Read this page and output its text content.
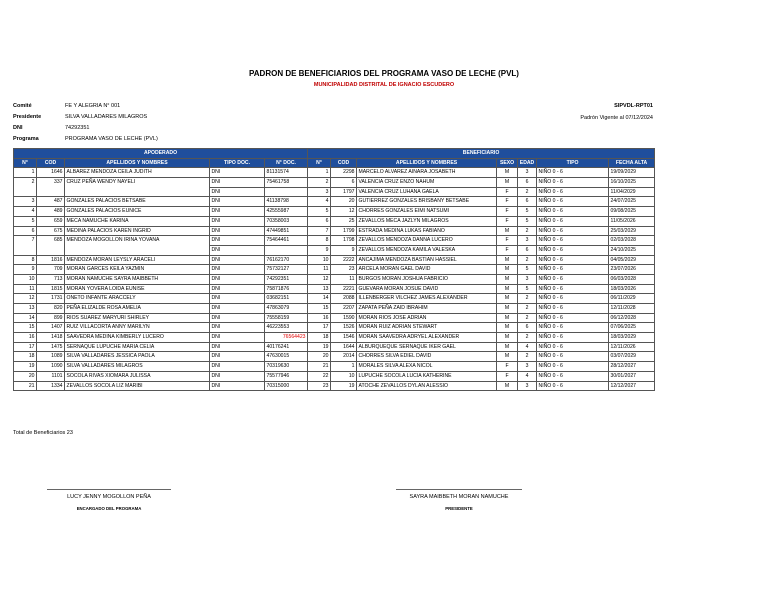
PADRON DE BENEFICIARIOS DEL PROGRAMA VASO DE LECHE (PVL)
MUNICIPALIDAD DISTRITAL DE IGNACIO ESCUDERO
Comité	FE Y ALEGRIA N° 001
Presidente	SILVA VALLADARES MILAGROS
DNI	74292351
Programa	PROGRAMA VASO DE LECHE (PVL)
SIPVDL-RPT01
Padrón Vigente al 07/12/2024
APODERADO					BENEFICIARIO						
N°	COD	APELLIDOS Y NOMBRES	TIPO DOC.	N° DOC.	N°	COD	APELLIDOS Y NOMBRES	SEXO	EDAD	TIPO	FECHA ALTA
1	1646	ALBAREZ MENDOZA CEILA JUDITH	DNI	81131574	1	2298	MARCELO ALVAREZ AINARA JOSABETH	M	3	NIÑO 0 - 6	19/09/2029
2	337	CRUZ PEÑA WENDY NAYELI	DNI	75461758	2	6	VALENCIA CRUZ ENZO NAHUM	M	6	NIÑO 0 - 6	16/10/2025
			DNI		3	1797	VALENCIA CRUZ LUHANA GAELA	F	2	NIÑO 0 - 6	11/04/2029
3	487	GONZALES PALACIOS BETSABE	DNI	41138798	4	20	GUTIERREZ GONZALES BRISBANY BETSABE	F	6	NIÑO 0 - 6	24/07/2025
4	489	GONZALES PALACIOS EUNICE	DNI	42555987	5	12	CHORRES GONZALES EIMI NATSUMI	F	5	NIÑO 0 - 6	09/08/2025
5	659	MECA NAMUCHE KARINA	DNI	70358003	6	25	ZEVALLOS MECA JAZLYN MILAGROS	F	5	NIÑO 0 - 6	11/05/2026
6	675	MEDINA PALACIOS KAREN INGRID	DNI	47449851	7	1799	ESTRADA MEDINA LUKAS FABIANO	M	2	NIÑO 0 - 6	25/03/2029
7	685	MENDOZA MOGOLLON IRINA YOVANA	DNI	75464461	8	1798	ZEVALLOS MENDOZA DANNA LUCERO	F	3	NIÑO 0 - 6	02/03/2028
			DNI		9	9	ZEVALLOS MENDOZA KAMILA VALESKA	F	6	NIÑO 0 - 6	24/10/2025
8	1816	MENDOZA MORAN LEYSLY ARACELI	DNI	76162170	10	2222	ANCAJIMA MENDOZA BASTIAN HASSIEL	M	2	NIÑO 0 - 6	04/05/2029
9	709	MORAN GARCES KEILA YAZMIN	DNI	75732127	11	23	ARCELA MORAN GAEL DAVID	M	5	NIÑO 0 - 6	23/07/2026
10	713	MORAN NAMUCHE SAYRA MAIBBETH	DNI	74292351	12	11	BURGOS MORAN JOSHUA FABRICIO	M	3	NIÑO 0 - 6	06/03/2028
11	1815	MORAN YOVERA LOIDA EUNISE	DNI	75871876	13	2221	GUEVARA MORAN JOSUE DAVID	M	5	NIÑO 0 - 6	18/03/2026
12	1731	ONETO INFANTE ARACCELY	DNI	03682151	14	2088	ILLENBERGER VILCHEZ JAMES ALEXANDER	M	2	NIÑO 0 - 6	06/11/2029
13	820	PEÑA ELIZALDE ROSA AMELIA	DNI	47863079	15	2207	ZAPATA PEÑA ZAID IBRAHIM	M	2	NIÑO 0 - 6	12/11/2028
14	899	RIOS SUAREZ MARYURI SHIRLEY	DNI	75558159	16	1590	MORAN RIOS JOSE ADRIAN	M	2	NIÑO 0 - 6	06/12/2028
15	1407	RUIZ VILLACORTA ANNY MARILYN	DNI	46223553	17	1526	MORAN RUIZ ADRIAN STEWART	M	6	NIÑO 0 - 6	07/06/2025
16	1418	SAAVEDRA MEDINA KIMBERLY LUCERO	DNI	76564423	18	1546	MORAN SAAVEDRA ADRYEL ALEXANDER	M	2	NIÑO 0 - 6	18/03/2029
17	1475	SERNAQUE LUPUCHE MARIA CELIA	DNI	40176241	19	1644	ALBURQUEQUE SERNAQUE IKER GAEL	M	4	NIÑO 0 - 6	12/11/2026
18	1089	SILVA VALLADARES JESSICA PAOLA	DNI	47630015	20	2014	CHORRES SILVA EDIEL DAVID	M	2	NIÑO 0 - 6	03/07/2029
19	1090	SILVA VALLADARES MILAGROS	DNI	70319630	21	1	MORALES SILVA ALEXA NICOL	F	3	NIÑO 0 - 6	28/12/2027
20	1101	SOCOLA RIVAS XIOMARA JULISSA	DNI	75577946	22	10	LUPUCHE SOCOLA LUCIA KATHERINE	F	4	NIÑO 0 - 6	30/01/2027
21	1334	ZEVALLOS SOCOLA LIZ MARIBI	DNI	70315000	23	19	ATOCHE ZEVALLOS DYLAN ALESSIO	M	3	NIÑO 0 - 6	12/12/2027
Total de Beneficiarios 23
LUCY JENNY MOGOLLON PEÑA
ENCARGADO DEL PROGRAMA
SAYRA MAIBBETH MORAN NAMUCHE
PRESIDENTE
